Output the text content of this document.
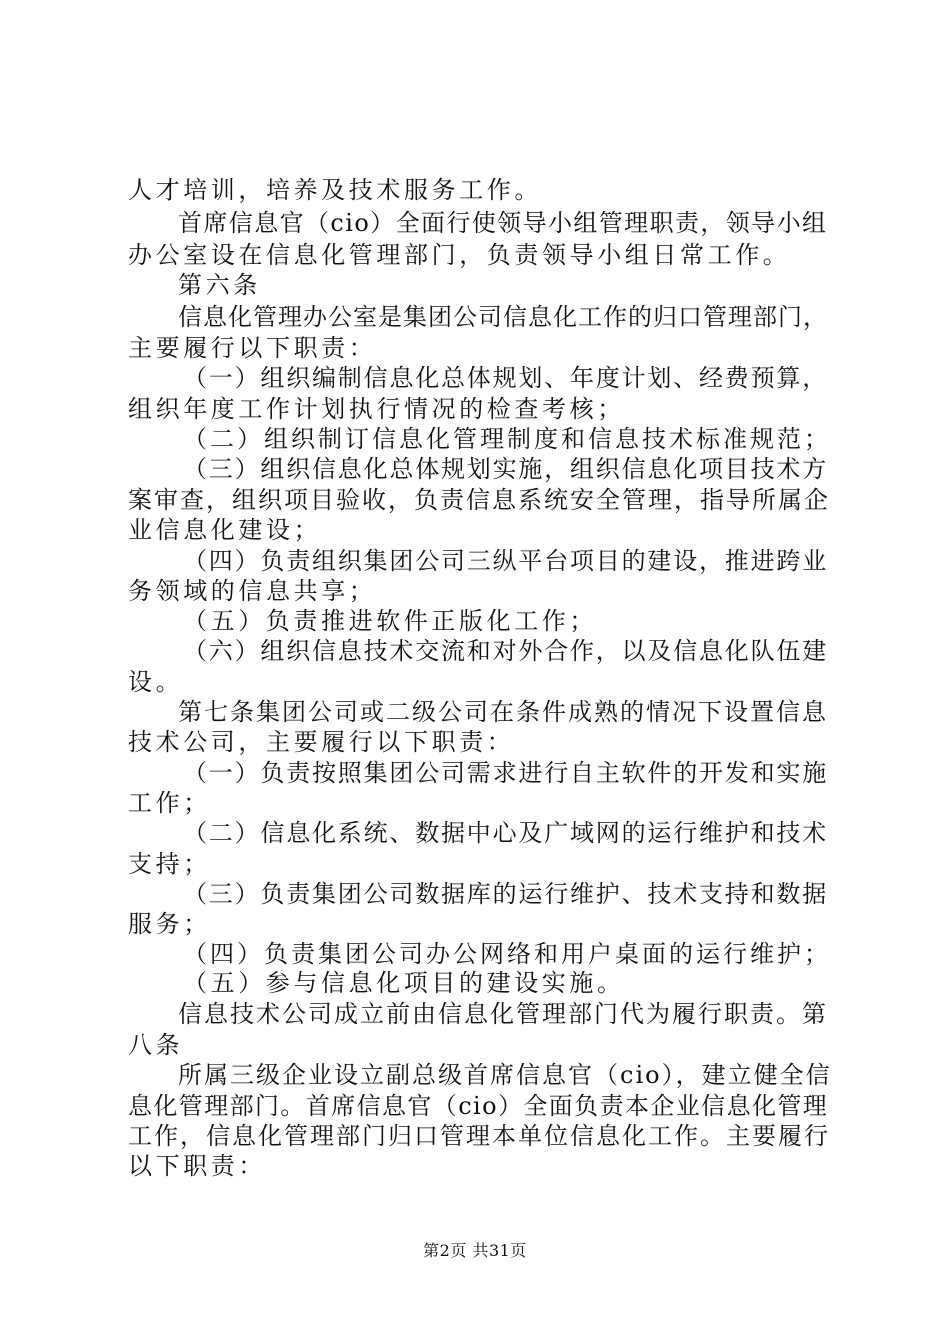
人才培训，培养及技术服务工作。
首席信息官（cio）全面行使领导小组管理职责，领导小组
办公室设在信息化管理部门，负责领导小组日常工作。
第六条
信息化管理办公室是集团公司信息化工作的归口管理部门，
主要履行以下职责：
（一）组织编制信息化总体规划、年度计划、经费预算，
组织年度工作计划执行情况的检查考核；
（二）组织制订信息化管理制度和信息技术标准规范；
（三）组织信息化总体规划实施，组织信息化项目技术方
案审查，组织项目验收，负责信息系统安全管理，指导所属企
业信息化建设；
（四）负责组织集团公司三纵平台项目的建设，推进跨业
务领域的信息共享；
（五）负责推进软件正版化工作；
（六）组织信息技术交流和对外合作，以及信息化队伍建
设。
第七条集团公司或二级公司在条件成熟的情况下设置信息
技术公司，主要履行以下职责：
（一）负责按照集团公司需求进行自主软件的开发和实施
工作；
（二）信息化系统、数据中心及广域网的运行维护和技术
支持；
（三）负责集团公司数据库的运行维护、技术支持和数据
服务；
（四）负责集团公司办公网络和用户桌面的运行维护；
（五）参与信息化项目的建设实施。
信息技术公司成立前由信息化管理部门代为履行职责。第
八条
所属三级企业设立副总级首席信息官（cio），建立健全信
息化管理部门。首席信息官（cio）全面负责本企业信息化管理
工作，信息化管理部门归口管理本单位信息化工作。主要履行
以下职责：
第2页 共31页
